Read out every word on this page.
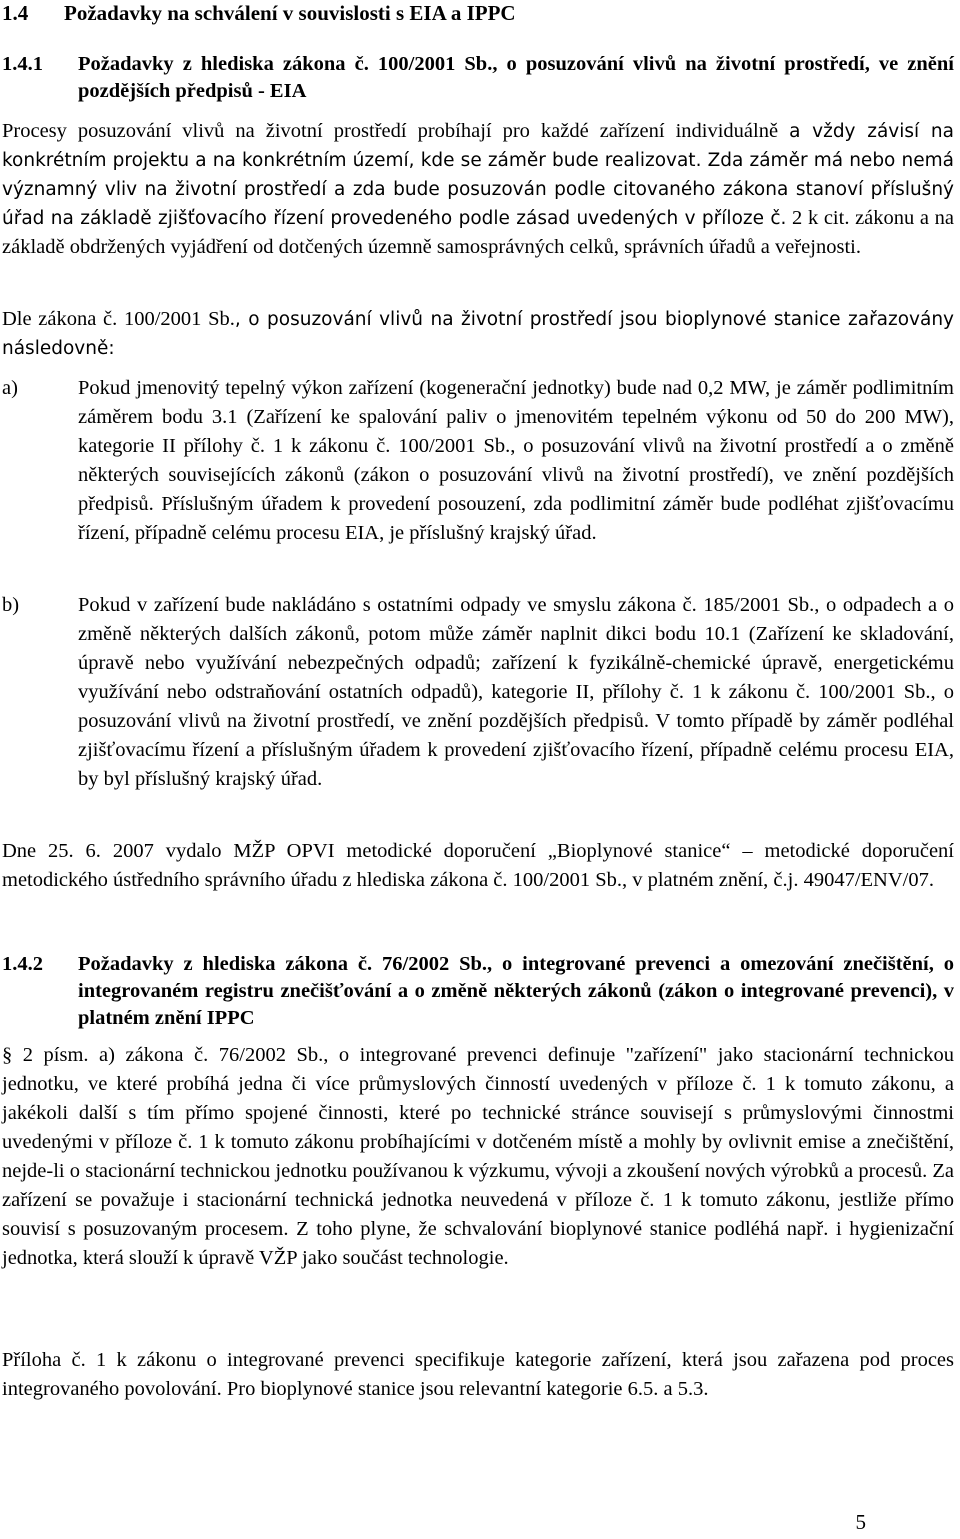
1.4	Požadavky na schválení v souvislosti s EIA a IPPC
1.4.1	Požadavky z hlediska zákona č. 100/2001 Sb., o posuzování vlivů na životní prostředí, ve znění pozdějších předpisů - EIA

Procesy posuzování vlivů na životní prostředí probíhají pro každé zařízení individuálně a vždy závisí na konkrétním projektu a na konkrétním území, kde se záměr bude realizovat. Zda záměr má nebo nemá významný vliv na životní prostředí a zda bude posuzován podle citovaného zákona stanoví příslušný úřad na základě zjišťovacího řízení provedeného podle zásad uvedených v příloze č. 2 k cit. zákonu a na základě obdržených vyjádření od dotčených územně samosprávných celků, správních úřadů a veřejnosti.

Dle zákona č. 100/2001 Sb., o posuzování vlivů na životní prostředí jsou bioplynové stanice zařazovány následovně:

a)	Pokud jmenovitý tepelný výkon zařízení (kogenerační jednotky) bude nad 0,2 MW, je záměr podlimitním záměrem bodu 3.1 (Zařízení ke spalování paliv o jmenovitém tepelném výkonu od 50 do 200 MW), kategorie II přílohy č. 1 k zákonu č. 100/2001 Sb., o posuzování vlivů na životní prostředí a o změně některých souvisejících zákonů (zákon o posuzování vlivů na životní prostředí), ve znění pozdějších předpisů. Příslušným úřadem k provedení posouzení, zda podlimitní záměr bude podléhat zjišťovacímu řízení, případně celému procesu EIA, je příslušný krajský úřad.
b)	Pokud v zařízení bude nakládáno s ostatními odpady ve smyslu zákona č. 185/2001 Sb., o odpadech a o změně některých dalších zákonů, potom může záměr naplnit dikci bodu 10.1 (Zařízení ke skladování, úpravě nebo využívání nebezpečných odpadů; zařízení k fyzikálně-chemické úpravě, energetickému využívání nebo odstraňování ostatních odpadů), kategorie II, přílohy č. 1 k zákonu č. 100/2001 Sb., o posuzování vlivů na životní prostředí, ve znění pozdějších předpisů. V tomto případě by záměr podléhal zjišťovacímu řízení a příslušným úřadem k provedení zjišťovacího řízení, případně celému procesu EIA, by byl příslušný krajský úřad.

Dne 25. 6. 2007 vydalo MŽP OPVI metodické doporučení „Bioplynové stanice“ – metodické doporučení metodického ústředního správního úřadu z hlediska zákona č. 100/2001 Sb., v platném znění, č.j. 49047/ENV/07.

1.4.2	Požadavky z hlediska zákona č. 76/2002 Sb., o integrované prevenci a omezování znečištění, o integrovaném registru znečišťování a o změně některých zákonů (zákon o integrované prevenci), v platném znění IPPC

§ 2 písm. a) zákona č. 76/2002 Sb., o integrované prevenci definuje "zařízení" jako stacionární technickou jednotku, ve které probíhá jedna či více průmyslových činností uvedených v příloze č. 1 k tomuto zákonu, a jakékoli další s tím přímo spojené činnosti, které po technické stránce souvisejí s průmyslovými činnostmi uvedenými v příloze č. 1 k tomuto zákonu probíhajícími v dotčeném místě a mohly by ovlivnit emise a znečištění, nejde-li o stacionární technickou jednotku používanou k výzkumu, vývoji a zkoušení nových výrobků a procesů. Za zařízení se považuje i stacionární technická jednotka neuvedená v příloze č. 1 k tomuto zákonu, jestliže přímo souvisí s posuzovaným procesem. Z toho plyne, že schvalování bioplynové stanice podléhá např. i hygienizační jednotka, která slouží k úpravě VŽP jako součást technologie.

Příloha č. 1 k zákonu o integrované prevenci specifikuje kategorie zařízení, která jsou zařazena pod proces integrovaného povolování. Pro bioplynové stanice jsou relevantní kategorie 6.5. a 5.3.

5
